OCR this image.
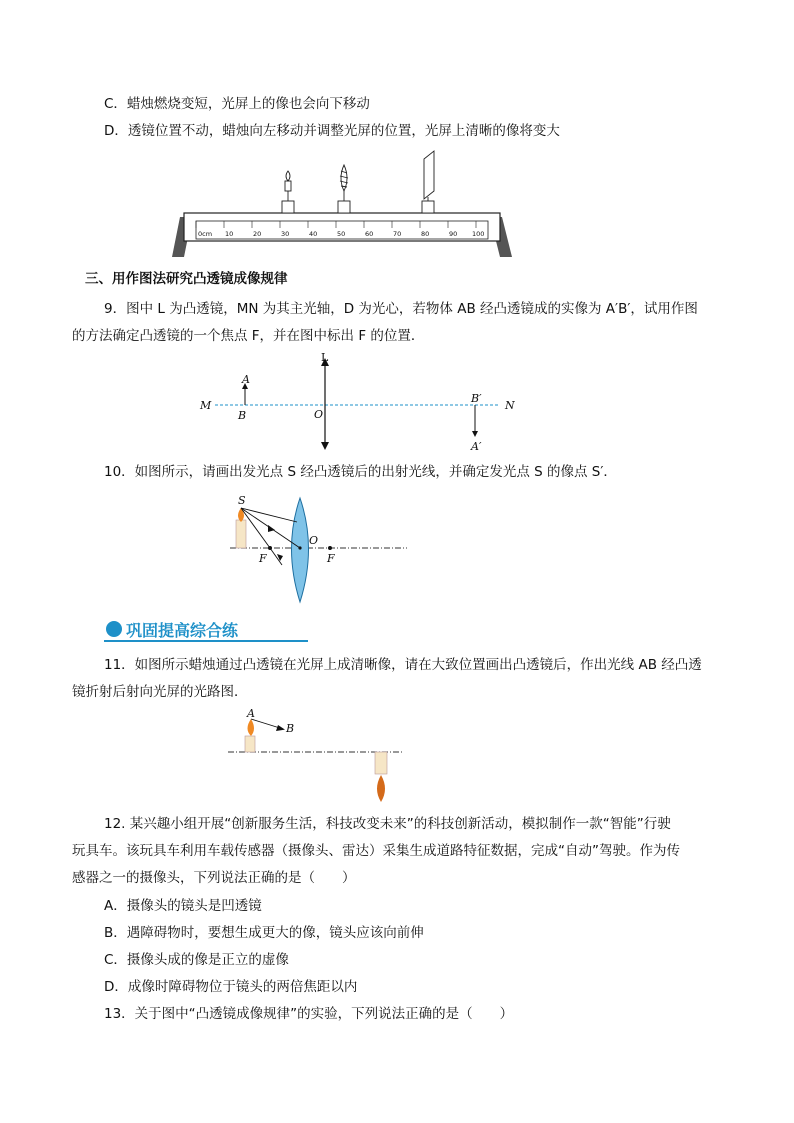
C．蜡烛燃烧变短，光屏上的像也会向下移动
D．透镜位置不动，蜡烛向左移动并调整光屏的位置，光屏上清晰的像将变大
0cm 10	20	30	40	50	60	70	80	90 100
三、用作图法研究凸透镜成像规律
9．图中 L 为凸透镜，MN 为其主光轴，D 为光心，若物体 AB 经凸透镜成的实像为 A′B′，试用作图
的方法确定凸透镜的一个焦点 F，并在图中标出 F 的位置．
L
M	N
A
B	O
B′
A′
10．如图所示，请画出发光点 S 经凸透镜后的出射光线，并确定发光点 S 的像点 S′．
S
O
F	F
巩固提高综合练
11．如图所示蜡烛通过凸透镜在光屏上成清晰像，请在大致位置画出凸透镜后，作出光线 AB 经凸透
镜折射后射向光屏的光路图．
A
B
12. 某兴趣小组开展“创新服务生活，科技改变未来”的科技创新活动，模拟制作一款“智能”行驶
玩具车。该玩具车利用车载传感器（摄像头、雷达）采集生成道路特征数据，完成“自动”驾驶。作为传
感器之一的摄像头，下列说法正确的是（　　）
A．摄像头的镜头是凹透镜
B．遇障碍物时，要想生成更大的像，镜头应该向前伸
C．摄像头成的像是正立的虚像
D．成像时障碍物位于镜头的两倍焦距以内
13．关于图中“凸透镜成像规律”的实验，下列说法正确的是（　　）
